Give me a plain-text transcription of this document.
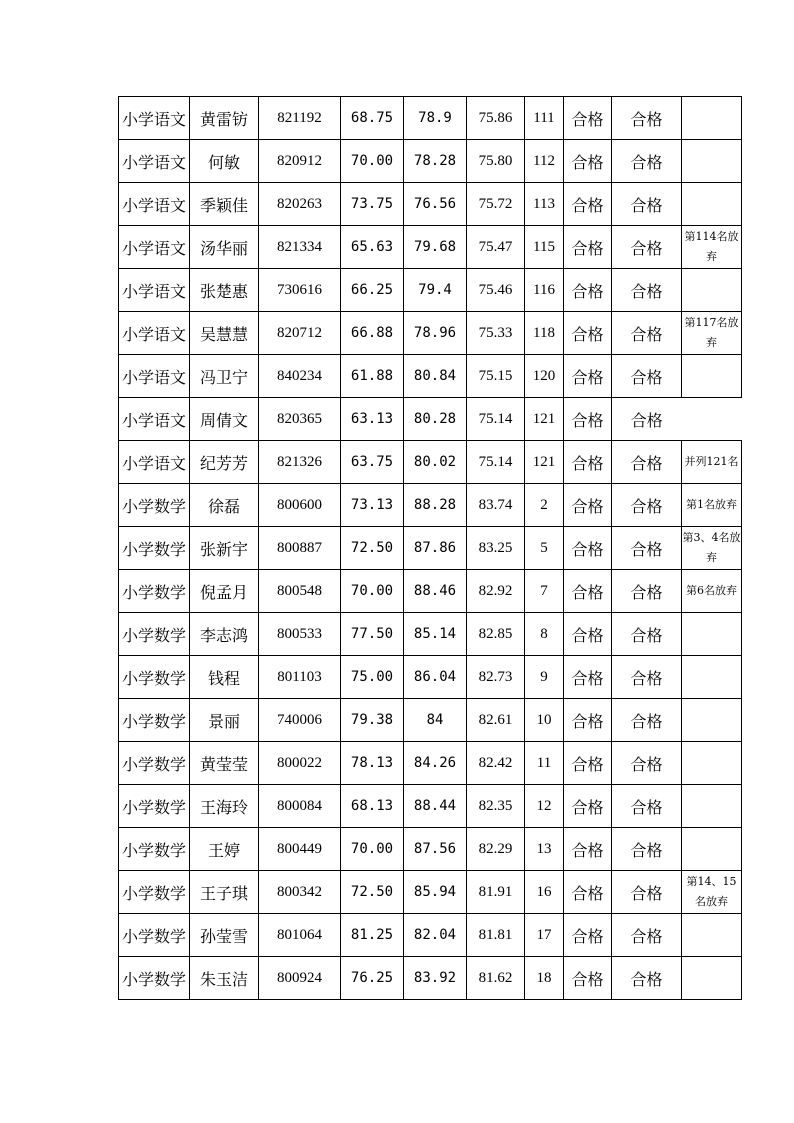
小学语文	黄雷钫	821192	68.75	78.9	75.86	111	合格	合格	
小学语文	何敏	820912	70.00	78.28	75.80	112	合格	合格	
小学语文	季颖佳	820263	73.75	76.56	75.72	113	合格	合格	
小学语文	汤华丽	821334	65.63	79.68	75.47	115	合格	合格	第114名放弃
小学语文	张楚惠	730616	66.25	79.4	75.46	116	合格	合格	
小学语文	吴慧慧	820712	66.88	78.96	75.33	118	合格	合格	第117名放弃
小学语文	冯卫宁	840234	61.88	80.84	75.15	120	合格	合格	
小学语文	周倩文	820365	63.13	80.28	75.14	121	合格	合格	
小学语文	纪芳芳	821326	63.75	80.02	75.14	121	合格	合格	并列121名
小学数学	徐磊	800600	73.13	88.28	83.74	2	合格	合格	第1名放弃
小学数学	张新宇	800887	72.50	87.86	83.25	5	合格	合格	第3、4名放弃
小学数学	倪孟月	800548	70.00	88.46	82.92	7	合格	合格	第6名放弃
小学数学	李志鸿	800533	77.50	85.14	82.85	8	合格	合格	
小学数学	钱程	801103	75.00	86.04	82.73	9	合格	合格	
小学数学	景丽	740006	79.38	84	82.61	10	合格	合格	
小学数学	黄莹莹	800022	78.13	84.26	82.42	11	合格	合格	
小学数学	王海玲	800084	68.13	88.44	82.35	12	合格	合格	
小学数学	王婷	800449	70.00	87.56	82.29	13	合格	合格	
小学数学	王子琪	800342	72.50	85.94	81.91	16	合格	合格	第14、15名放弃
小学数学	孙莹雪	801064	81.25	82.04	81.81	17	合格	合格	
小学数学	朱玉洁	800924	76.25	83.92	81.62	18	合格	合格	
